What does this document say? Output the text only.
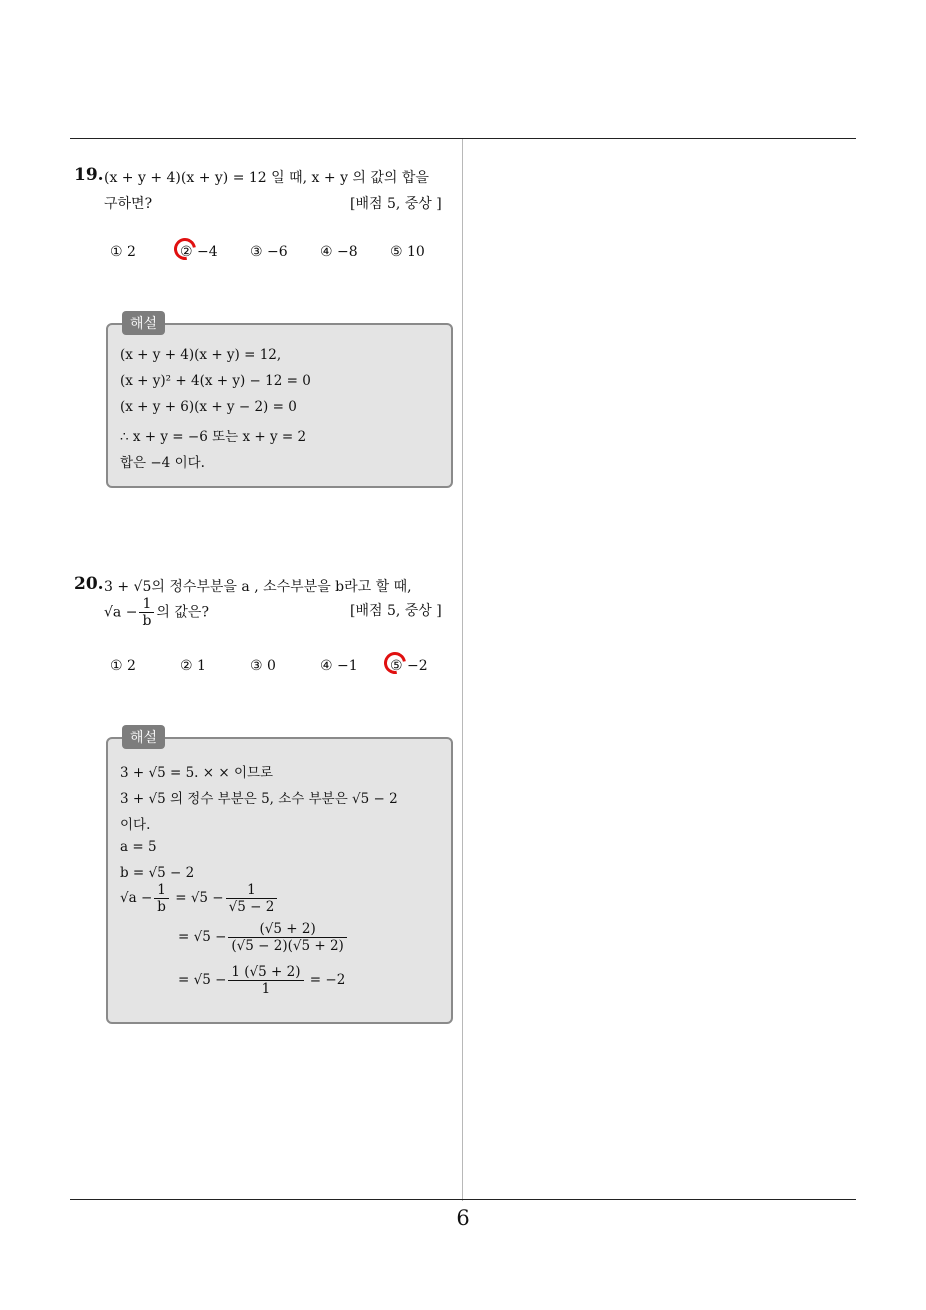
19. (x + y + 4)(x + y) = 12 일 때, x + y 의 값의 합을
구하면?	[배점 5, 중상 ]
① 2	② −4 ③ −6 ④ −8 ⑤ 10
해설
(x + y + 4)(x + y) = 12,
(x + y)² + 4(x + y) − 12 = 0
(x + y + 6)(x + y − 2) = 0
∴ x + y = −6 또는 x + y = 2
합은 −4 이다.
20. 3 + √5의 정수부분을 a , 소수부분을 b라고 할 때,
$√a - \frac{1}{b}$ 의 값은?	[배점 5, 중상 ]
① 2	② 1	③ 0	④ −1 ⑤ −2
해설
3 + √5 = 5. × × 이므로
3 + √5 의 정수 부분은 5, 소수 부분은 √5 − 2
이다.
a = 5
b = √5 − 2
$√a - \frac{1}{b} = √5 - \frac{1}{√5 - 2}$
= $√5 - \frac{(√5 + 2)}{(√5 - 2)(√5 + 2)}$
= $√5 - \frac{1 (√5 + 2)}{1} = -2$
6
